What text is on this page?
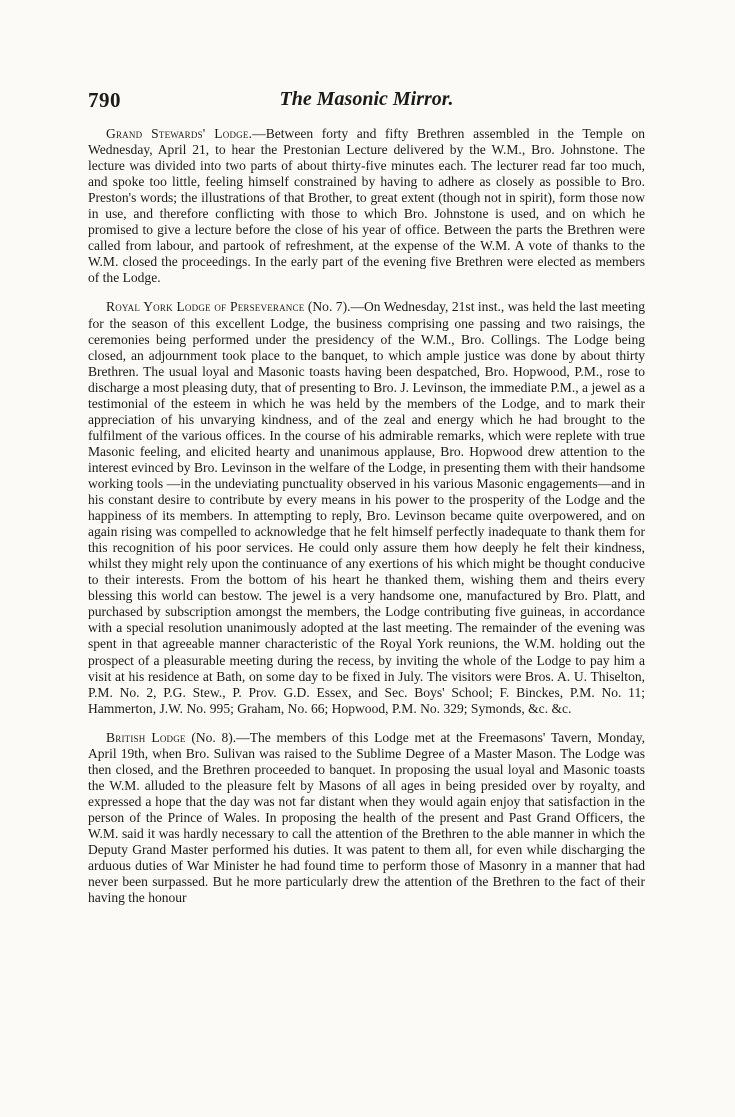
790	The Masonic Mirror.

Grand Stewards' Lodge.—Between forty and fifty Brethren assembled in the Temple on Wednesday, April 21, to hear the Prestonian Lecture delivered by the W.M., Bro. Johnstone. The lecture was divided into two parts of about thirty-five minutes each. The lecturer read far too much, and spoke too little, feeling himself constrained by having to adhere as closely as possible to Bro. Preston's words; the illustrations of that Brother, to great extent (though not in spirit), form those now in use, and therefore conflicting with those to which Bro. Johnstone is used, and on which he promised to give a lecture before the close of his year of office. Between the parts the Brethren were called from labour, and partook of refreshment, at the expense of the W.M. A vote of thanks to the W.M. closed the proceedings. In the early part of the evening five Brethren were elected as members of the Lodge.

Royal York Lodge of Perseverance (No. 7).—On Wednesday, 21st inst., was held the last meeting for the season of this excellent Lodge, the business comprising one passing and two raisings, the ceremonies being performed under the presidency of the W.M., Bro. Collings. The Lodge being closed, an adjournment took place to the banquet, to which ample justice was done by about thirty Brethren. The usual loyal and Masonic toasts having been despatched, Bro. Hopwood, P.M., rose to discharge a most pleasing duty, that of presenting to Bro. J. Levinson, the immediate P.M., a jewel as a testimonial of the esteem in which he was held by the members of the Lodge, and to mark their appreciation of his unvarying kindness, and of the zeal and energy which he had brought to the fulfilment of the various offices. In the course of his admirable remarks, which were replete with true Masonic feeling, and elicited hearty and unanimous applause, Bro. Hopwood drew attention to the interest evinced by Bro. Levinson in the welfare of the Lodge, in presenting them with their handsome working tools —in the undeviating punctuality observed in his various Masonic engagements—and in his constant desire to contribute by every means in his power to the prosperity of the Lodge and the happiness of its members. In attempting to reply, Bro. Levinson became quite overpowered, and on again rising was compelled to acknowledge that he felt himself perfectly inadequate to thank them for this recognition of his poor services. He could only assure them how deeply he felt their kindness, whilst they might rely upon the continuance of any exertions of his which might be thought conducive to their interests. From the bottom of his heart he thanked them, wishing them and theirs every blessing this world can bestow. The jewel is a very handsome one, manufactured by Bro. Platt, and purchased by subscription amongst the members, the Lodge contributing five guineas, in accordance with a special resolution unanimously adopted at the last meeting. The remainder of the evening was spent in that agreeable manner characteristic of the Royal York reunions, the W.M. holding out the prospect of a pleasurable meeting during the recess, by inviting the whole of the Lodge to pay him a visit at his residence at Bath, on some day to be fixed in July. The visitors were Bros. A. U. Thiselton, P.M. No. 2, P.G. Stew., P. Prov. G.D. Essex, and Sec. Boys' School; F. Binckes, P.M. No. 11; Hammerton, J.W. No. 995; Graham, No. 66; Hopwood, P.M. No. 329; Symonds, &c. &c.

British Lodge (No. 8).—The members of this Lodge met at the Freemasons' Tavern, Monday, April 19th, when Bro. Sulivan was raised to the Sublime Degree of a Master Mason. The Lodge was then closed, and the Brethren proceeded to banquet. In proposing the usual loyal and Masonic toasts the W.M. alluded to the pleasure felt by Masons of all ages in being presided over by royalty, and expressed a hope that the day was not far distant when they would again enjoy that satisfaction in the person of the Prince of Wales. In proposing the health of the present and Past Grand Officers, the W.M. said it was hardly necessary to call the attention of the Brethren to the able manner in which the Deputy Grand Master performed his duties. It was patent to them all, for even while discharging the arduous duties of War Minister he had found time to perform those of Masonry in a manner that had never been surpassed. But he more particularly drew the attention of the Brethren to the fact of their having the honour
